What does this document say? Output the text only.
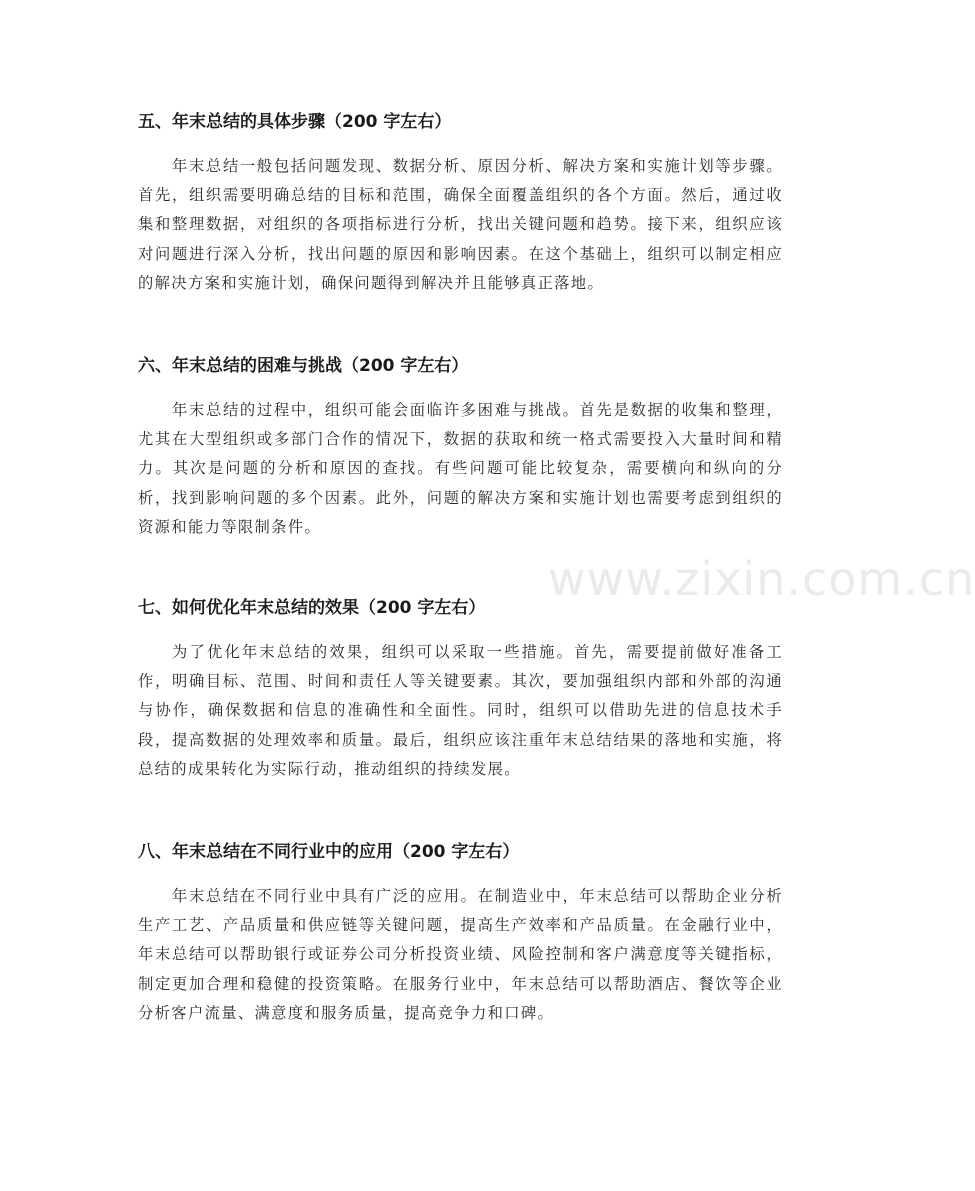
五、年末总结的具体步骤（200 字左右）

年末总结一般包括问题发现、数据分析、原因分析、解决方案和实施计划等步骤。首先，组织需要明确总结的目标和范围，确保全面覆盖组织的各个方面。然后，通过收集和整理数据，对组织的各项指标进行分析，找出关键问题和趋势。接下来，组织应该对问题进行深入分析，找出问题的原因和影响因素。在这个基础上，组织可以制定相应的解决方案和实施计划，确保问题得到解决并且能够真正落地。

六、年末总结的困难与挑战（200 字左右）

年末总结的过程中，组织可能会面临许多困难与挑战。首先是数据的收集和整理，尤其在大型组织或多部门合作的情况下，数据的获取和统一格式需要投入大量时间和精力。其次是问题的分析和原因的查找。有些问题可能比较复杂，需要横向和纵向的分析，找到影响问题的多个因素。此外，问题的解决方案和实施计划也需要考虑到组织的资源和能力等限制条件。

七、如何优化年末总结的效果（200 字左右）

为了优化年末总结的效果，组织可以采取一些措施。首先，需要提前做好准备工作，明确目标、范围、时间和责任人等关键要素。其次，要加强组织内部和外部的沟通与协作，确保数据和信息的准确性和全面性。同时，组织可以借助先进的信息技术手段，提高数据的处理效率和质量。最后，组织应该注重年末总结结果的落地和实施，将总结的成果转化为实际行动，推动组织的持续发展。

八、年末总结在不同行业中的应用（200 字左右）

年末总结在不同行业中具有广泛的应用。在制造业中，年末总结可以帮助企业分析生产工艺、产品质量和供应链等关键问题，提高生产效率和产品质量。在金融行业中，年末总结可以帮助银行或证券公司分析投资业绩、风险控制和客户满意度等关键指标，制定更加合理和稳健的投资策略。在服务行业中，年末总结可以帮助酒店、餐饮等企业分析客户流量、满意度和服务质量，提高竞争力和口碑。

www.zixin.com.cn
